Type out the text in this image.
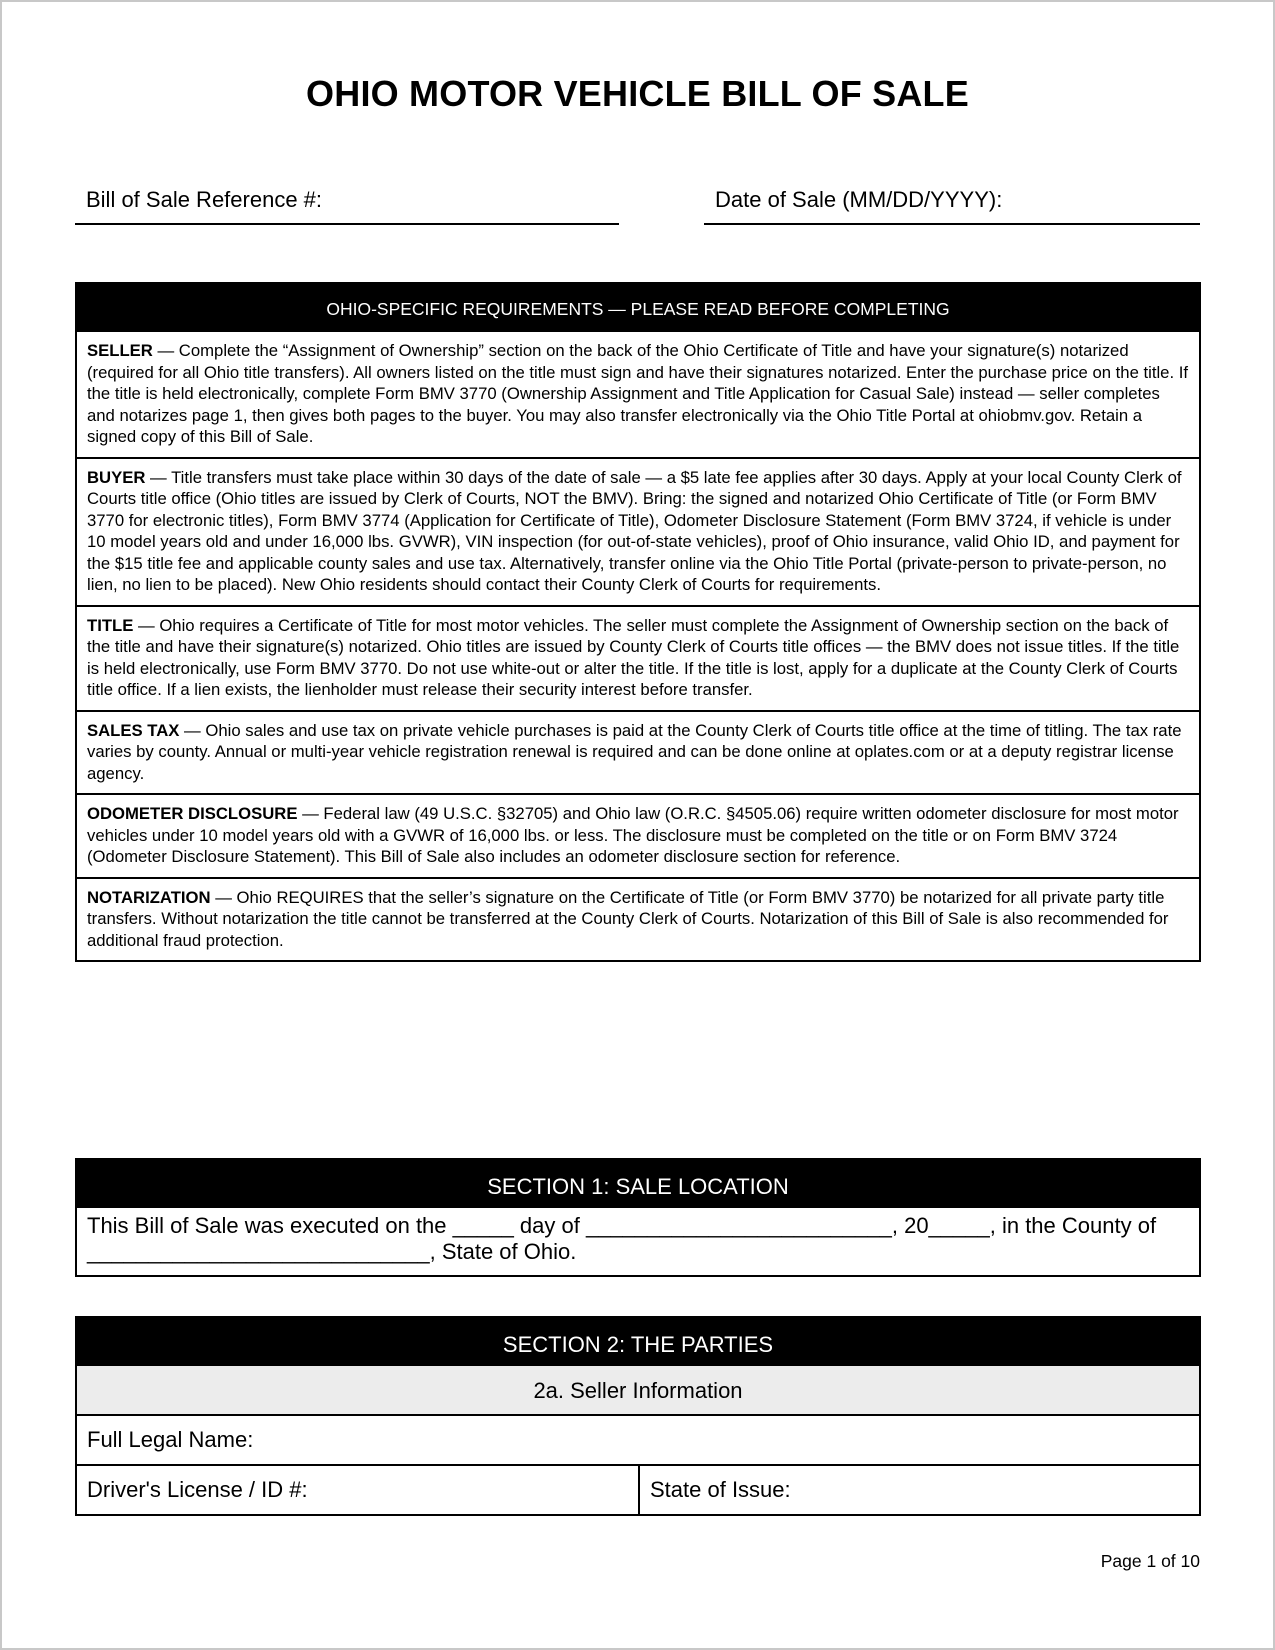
OHIO MOTOR VEHICLE BILL OF SALE
Bill of Sale Reference #:	Date of Sale (MM/DD/YYYY):
OHIO-SPECIFIC REQUIREMENTS — PLEASE READ BEFORE COMPLETING
SELLER — Complete the “Assignment of Ownership” section on the back of the Ohio Certificate of Title and have your signature(s) notarized (required for all Ohio title transfers). All owners listed on the title must sign and have their signatures notarized. Enter the purchase price on the title. If the title is held electronically, complete Form BMV 3770 (Ownership Assignment and Title Application for Casual Sale) instead — seller completes and notarizes page 1, then gives both pages to the buyer. You may also transfer electronically via the Ohio Title Portal at ohiobmv.gov. Retain a signed copy of this Bill of Sale.
BUYER — Title transfers must take place within 30 days of the date of sale — a $5 late fee applies after 30 days. Apply at your local County Clerk of Courts title office (Ohio titles are issued by Clerk of Courts, NOT the BMV). Bring: the signed and notarized Ohio Certificate of Title (or Form BMV 3770 for electronic titles), Form BMV 3774 (Application for Certificate of Title), Odometer Disclosure Statement (Form BMV 3724, if vehicle is under 10 model years old and under 16,000 lbs. GVWR), VIN inspection (for out-of-state vehicles), proof of Ohio insurance, valid Ohio ID, and payment for the $15 title fee and applicable county sales and use tax. Alternatively, transfer online via the Ohio Title Portal (private-person to private-person, no lien, no lien to be placed). New Ohio residents should contact their County Clerk of Courts for requirements.
TITLE — Ohio requires a Certificate of Title for most motor vehicles. The seller must complete the Assignment of Ownership section on the back of the title and have their signature(s) notarized. Ohio titles are issued by County Clerk of Courts title offices — the BMV does not issue titles. If the title is held electronically, use Form BMV 3770. Do not use white-out or alter the title. If the title is lost, apply for a duplicate at the County Clerk of Courts title office. If a lien exists, the lienholder must release their security interest before transfer.
SALES TAX — Ohio sales and use tax on private vehicle purchases is paid at the County Clerk of Courts title office at the time of titling. The tax rate varies by county. Annual or multi-year vehicle registration renewal is required and can be done online at oplates.com or at a deputy registrar license agency.
ODOMETER DISCLOSURE — Federal law (49 U.S.C. §32705) and Ohio law (O.R.C. §4505.06) require written odometer disclosure for most motor vehicles under 10 model years old with a GVWR of 16,000 lbs. or less. The disclosure must be completed on the title or on Form BMV 3724 (Odometer Disclosure Statement). This Bill of Sale also includes an odometer disclosure section for reference.
NOTARIZATION — Ohio REQUIRES that the seller’s signature on the Certificate of Title (or Form BMV 3770) be notarized for all private party title transfers. Without notarization the title cannot be transferred at the County Clerk of Courts. Notarization of this Bill of Sale is also recommended for additional fraud protection.
SECTION 1: SALE LOCATION
This Bill of Sale was executed on the _____ day of _________________________, 20_____, in the County of ____________________________, State of Ohio.
SECTION 2: THE PARTIES
2a. Seller Information
Full Legal Name:
Driver's License / ID #:	State of Issue:
Page 1 of 10
